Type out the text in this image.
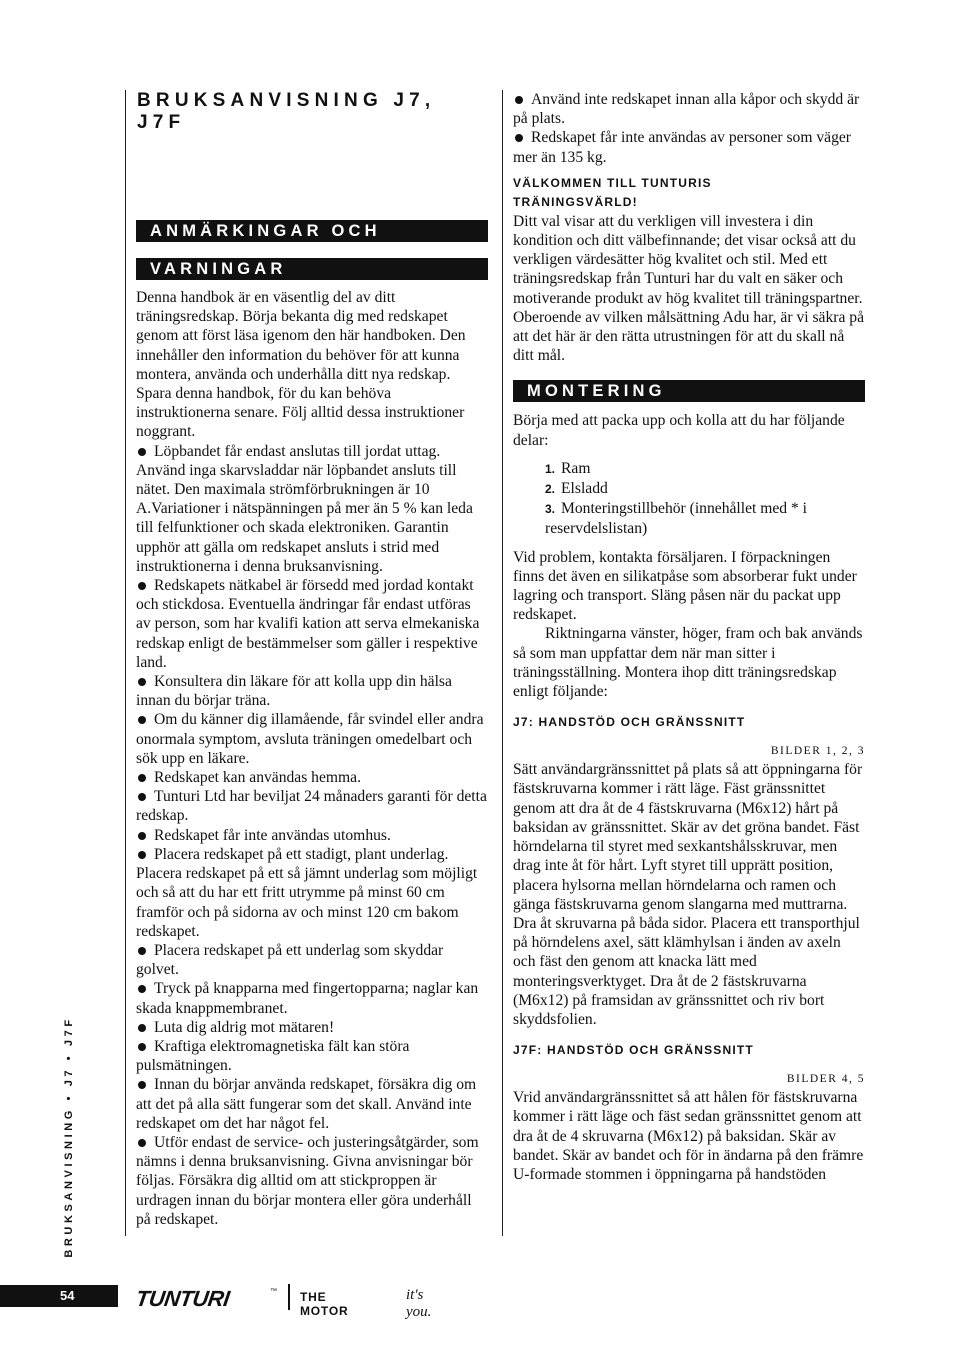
BRUKSANVISNING J7, J7F
ANMÄRKINGAR OCH
VARNINGAR

Denna handbok är en väsentlig del av ditt träningsredskap. Börja bekanta dig med redskapet genom att först läsa igenom den här handboken. Den innehåller den information du behöver för att kunna montera, använda och underhålla ditt nya redskap. Spara denna handbok, för du kan behöva instruktionerna senare. Följ alltid dessa instruktioner noggrant.

Löpbandet får endast anslutas till jordat uttag. Använd inga skarvsladdar när löpbandet ansluts till nätet. Den maximala strömförbrukningen är 10 A.Variationer i nätspänningen på mer än 5 % kan leda till felfunktioner och skada elektroniken. Garantin upphör att gälla om redskapet ansluts i strid med instruktionerna i denna bruksanvisning.

Redskapets nätkabel är försedd med jordad kontakt och stickdosa. Eventuella ändringar får endast utföras av person, som har kvalifi kation att serva elmekaniska redskap enligt de bestämmelser som gäller i respektive land.

Konsultera din läkare för att kolla upp din hälsa innan du börjar träna.

Om du känner dig illamående, får svindel eller andra onormala symptom, avsluta träningen omedelbart och sök upp en läkare.

Redskapet kan användas hemma.

Tunturi Ltd har beviljat 24 månaders garanti för detta redskap.

Redskapet får inte användas utomhus.

Placera redskapet på ett stadigt, plant underlag. Placera redskapet på ett så jämnt underlag som möjligt och så att du har ett fritt utrymme på minst 60 cm framför och på sidorna av och minst 120 cm bakom redskapet.

Placera redskapet på ett underlag som skyddar golvet.

Tryck på knapparna med fingertopparna; naglar kan skada knappmembranet.

Luta dig aldrig mot mätaren!

Kraftiga elektromagnetiska fält kan störa pulsmätningen.

Innan du börjar använda redskapet, försäkra dig om att det på alla sätt fungerar som det skall. Använd inte redskapet om det har något fel.

Utför endast de service- och justeringsåtgärder, som nämns i denna bruksanvisning. Givna anvisningar bör följas. Försäkra dig alltid om att stickproppen är urdragen innan du börjar montera eller göra underhåll på redskapet.

Använd inte redskapet innan alla kåpor och skydd är på plats.

Redskapet får inte användas av personer som väger mer än 135 kg.

VÄLKOMMEN TILL TUNTURIS
TRÄNINGSVÄRLD!

Ditt val visar att du verkligen vill investera i din kondition och ditt välbefinnande; det visar också att du verkligen värdesätter hög kvalitet och stil. Med ett träningsredskap från Tunturi har du valt en säker och motiverande produkt av hög kvalitet till träningspartner. Oberoende av vilken målsättning Adu har, är vi säkra på att det här är den rätta utrustningen för att du skall nå ditt mål.

MONTERING

Börja med att packa upp och kolla att du har följande delar:

1. Ram

2. Elsladd

3. Monteringstillbehör (innehållet med * i reservdelslistan)

Vid problem, kontakta försäljaren. I förpackningen finns det även en silikatpåse som absorberar fukt under lagring och transport. Släng påsen när du packat upp redskapet.

Riktningarna vänster, höger, fram och bak används så som man uppfattar dem när man sitter i träningsställning. Montera ihop ditt träningsredskap enligt följande:

J7: HANDSTÖD OCH GRÄNSSNITT
BILDER 1, 2, 3

Sätt användargränssnittet på plats så att öppningarna för fästskruvarna kommer i rätt läge. Fäst gränssnittet genom att dra åt de 4 fästskruvarna (M6x12) hårt på baksidan av gränssnittet. Skär av det gröna bandet. Fäst hörndelarna til styret med sexkantshålsskruvar, men drag inte åt för hårt. Lyft styret till upprätt position, placera hylsorna mellan hörndelarna och ramen och gänga fästskruvarna genom slangarna med muttrarna. Dra åt skruvarna på båda sidor. Placera ett transporthjul på hörndelens axel, sätt klämhylsan i änden av axeln och fäst den genom att knacka lätt med monteringsverktyget. Dra åt de 2 fästskruvarna (M6x12) på framsidan av gränssnittet och riv bort skyddsfolien.

J7F: HANDSTÖD OCH GRÄNSSNITT
BILDER 4, 5

Vrid användargränssnittet så att hålen för fästskruvarna kommer i rätt läge och fäst sedan gränssnittet genom att dra åt de 4 skruvarna (M6x12) på baksidan. Skär av bandet. Skär av bandet och för in ändarna på den främre U-formade stommen i öppningarna på handstöden

BRUKSANVISNING • J7 • J7F
54	TUNTURI	™ THE MOTOR
it's you.
